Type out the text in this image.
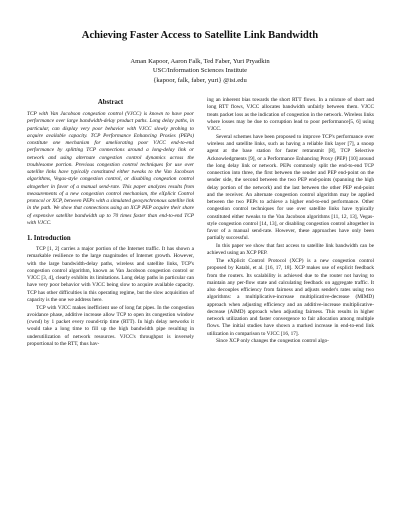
Achieving Faster Access to Satellite Link Bandwidth
Aman Kapoor, Aaron Falk, Ted Faber, Yuri Pryadkin
USC/Information Sciences Institute
{kapoor, falk, faber, yuri} @isi.edu
Abstract

TCP with Van Jacobson congestion control (VJCC) is known to have poor performance over large bandwidth-delay product paths. Long delay paths, in particular, can display very poor behavior with VJCC slowly probing to acquire available capacity. TCP Performance Enhancing Proxies (PEPs) constitute one mechanism for ameliorating poor VJCC end-to-end performance by splitting TCP connections around a long-delay link or network and using alternate congestion control dynamics across the troublesome portion. Previous congestion control techniques for use over satellite links have typically constituted either tweaks to the Van Jacobson algorithms, Vegas-style congestion control, or disabling congestion control altogether in favor of a manual send-rate. This paper analyzes results from measurements of a new congestion control mechanism, the eXplicit Control protocol or XCP, between PEPs with a simulated geosynchronous satellite link in the path. We show that connections using an XCP PEP acquire their share of expensive satellite bandwidth up to 70 times faster than end-to-end TCP with VJCC.

1. Introduction

TCP [1, 2] carries a major portion of the Internet traffic. It has shown a remarkable resilience to the large magnitudes of Internet growth. However, with the large bandwidth-delay paths, wireless and satellite links, TCP's congestion control algorithm, known as Van Jacobson congestion control or VJCC [3, 4], clearly exhibits its limitations. Long delay paths in particular can have very poor behavior with VJCC being slow to acquire available capacity. TCP has other difficulties in this operating regime, but the slow acquisition of capacity is the one we address here.

TCP with VJCC makes inefficient use of long fat pipes. In the congestion avoidance phase, additive increase allow TCP to open its congestion window (cwnd) by 1 packet every round-trip time (RTT). In high delay networks it would take a long time to fill up the high bandwidth pipe resulting in underutilization of network resources. VJCC's throughput is inversely proportional to the RTT, thus hav-

ing an inherent bias towards the short RTT flows. In a mixture of short and long RTT flows, VJCC allocates bandwidth unfairly between them. VJCC treats packet loss as the indication of congestion in the network. Wireless links where losses may be due to corruption lead to poor performance[5, 6] using VJCC.

Several schemes have been proposed to improve TCP's performance over wireless and satellite links, such as having a reliable link layer [7], a snoop agent at the base station for faster retransmit [8], TCP Selective Acknowledgments [9], or a Performance Enhancing Proxy (PEP) [10] around the long delay link or network. PEPs commonly split the end-to-end TCP connection into three, the first between the sender and PEP end-point on the sender side, the second between the two PEP end-points (spanning the high delay portion of the network) and the last between the other PEP end-point and the receiver. An alternate congestion control algorithm may be applied between the two PEPs to achieve a higher end-to-end performance. Other congestion control techniques for use over satellite links have typically constituted either tweaks to the Van Jacobson algorithms [11, 12, 13], Vegas-style congestion control [14, 13], or disabling congestion control altogether in favor of a manual send-rate. However, these approaches have only been partially successful.

In this paper we show that fast access to satellite link bandwidth can be achieved using an XCP PEP.

The eXplicit Control Protocol (XCP) is a new congestion control proposed by Katabi, et al. [16, 17, 18]. XCP makes use of explicit feedback from the routers. Its scalability is achieved due to the router not having to maintain any per-flow state and calculating feedback on aggregate traffic. It also decouples efficiency from fairness and adjusts sender's rates using two algorithms: a multiplicative-increase multiplicative-decrease (MIMD) approach when adjusting efficiency and an additive-increase multiplicative-decrease (AIMD) approach when adjusting fairness. This results in higher network utilization and faster convergence to fair allocation among multiple flows. The initial studies have shown a marked increase in end-to-end link utilization in comparison to VJCC [16, 17].

Since XCP only changes the congestion control algo-
